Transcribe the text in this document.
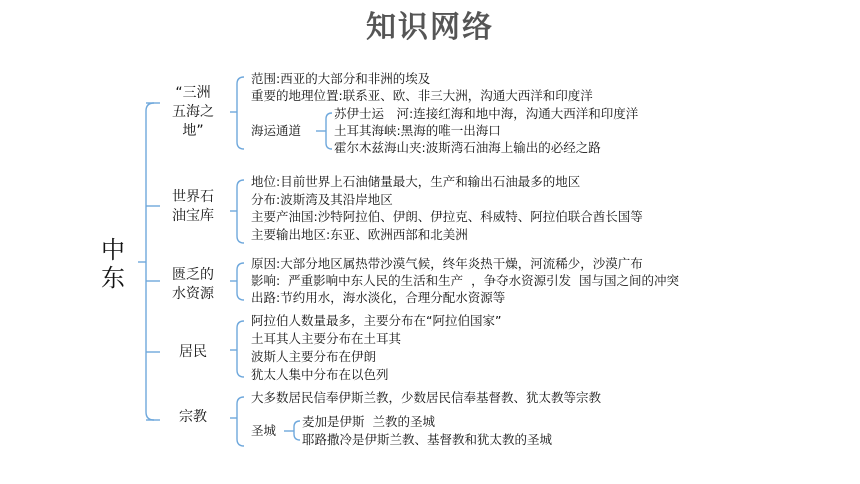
知识网络
中
东
“三洲
五海之
地”
范围:西亚的大部分和非洲的埃及
重要的地理位置:联系亚、欧、非三大洲，沟通大西洋和印度洋
海运通道
苏伊士运　河:连接红海和地中海，沟通大西洋和印度洋
土耳其海峡:黑海的唯一出海口
霍尔木兹海山夹:波斯湾石油海上输出的必经之路
世界石
油宝库
地位:目前世界上石油储量最大，生产和输出石油最多的地区
分布:波斯湾及其沿岸地区
主要产油国:沙特阿拉伯、伊朗、伊拉克、科威特、阿拉伯联合酋长国等
主要输出地区:东亚、欧洲西部和北美洲
匮乏的
水资源
原因:大部分地区属热带沙漠气候，终年炎热干燥，河流稀少，沙漠广布
影响:  严重影响中东人民的生活和生产  ，争夺水资源引发  国与国之间的冲突
出路:节约用水，海水淡化，合理分配水资源等
居民
阿拉伯人数量最多，主要分布在“阿拉伯国家”
土耳其人主要分布在土耳其
波斯人主要分布在伊朗
犹太人集中分布在以色列
宗教
大多数居民信奉伊斯兰教，少数居民信奉基督教、犹太教等宗教
圣城
麦加是伊斯  兰教的圣城
耶路撒冷是伊斯兰教、基督教和犹太教的圣城
